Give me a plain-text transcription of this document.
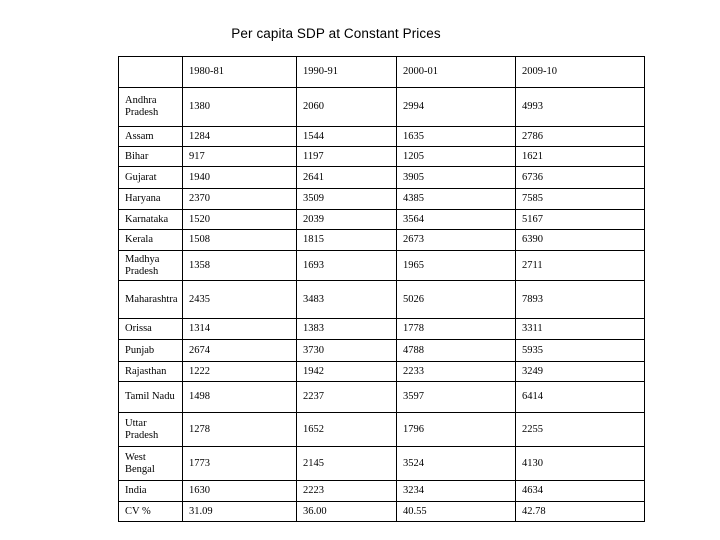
Per capita SDP at Constant Prices
	1980-81	1990-91	2000-01	2009-10
Andhra Pradesh	1380	2060	2994	4993
Assam	1284	1544	1635	2786
Bihar	917	1197	1205	1621
Gujarat	1940	2641	3905	6736
Haryana	2370	3509	4385	7585
Karnataka	1520	2039	3564	5167
Kerala	1508	1815	2673	6390
Madhya Pradesh	1358	1693	1965	2711
Maharashtra	2435	3483	5026	7893
Orissa	1314	1383	1778	3311
Punjab	2674	3730	4788	5935
Rajasthan	1222	1942	2233	3249
Tamil Nadu	1498	2237	3597	6414
Uttar Pradesh	1278	1652	1796	2255
West Bengal	1773	2145	3524	4130
India	1630	2223	3234	4634
CV %	31.09	36.00	40.55	42.78
